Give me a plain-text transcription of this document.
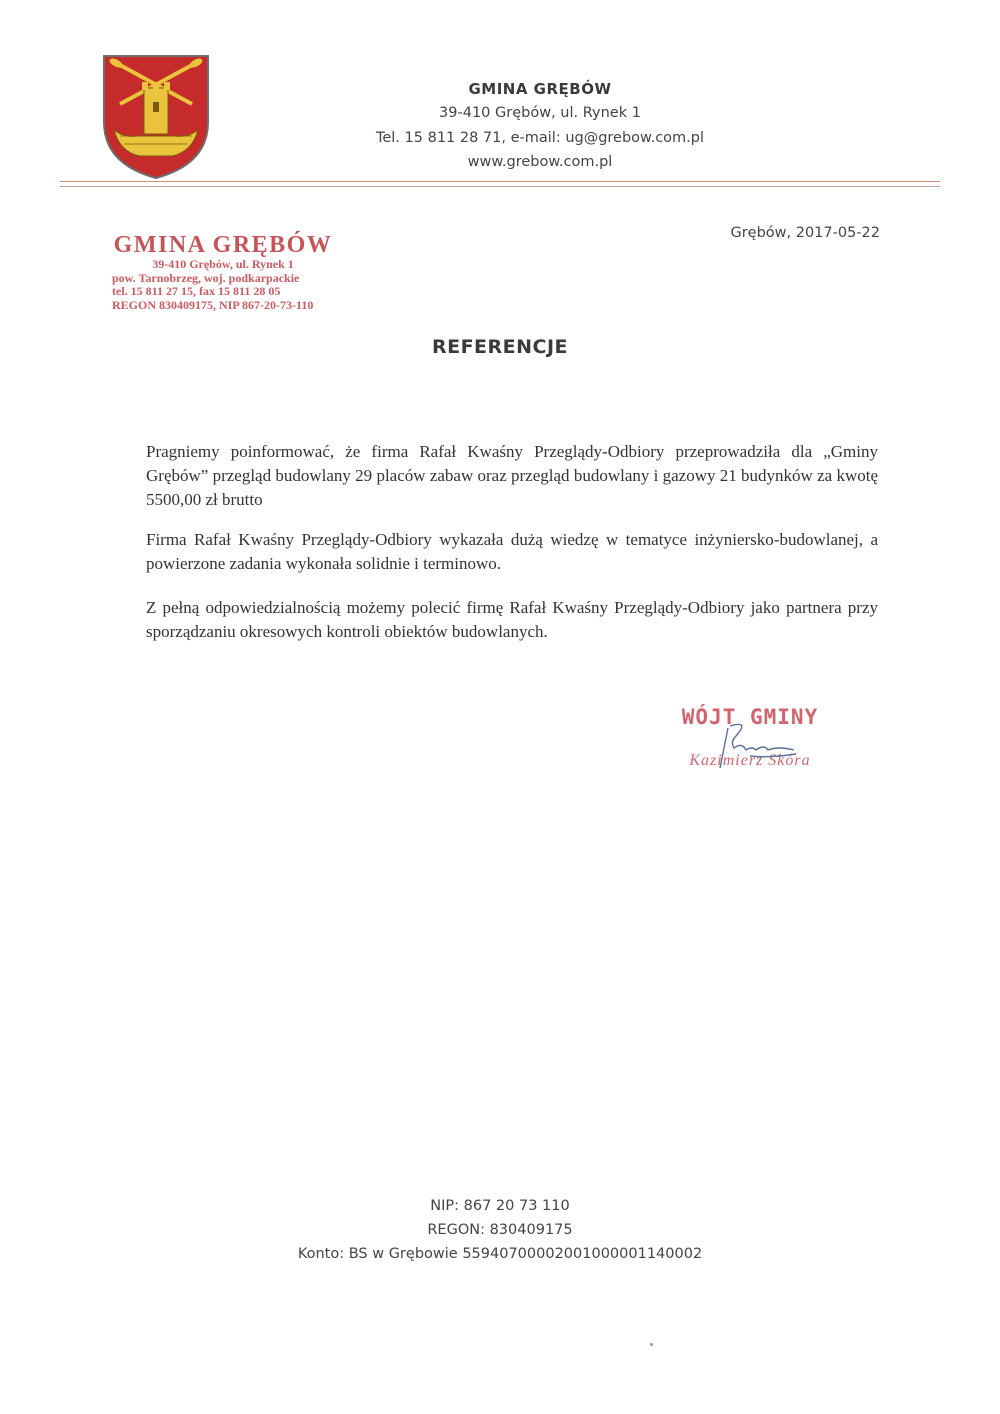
GMINA GRĘBÓW
39-410 Grębów, ul. Rynek 1
Tel. 15 811 28 71, e-mail: ug@grebow.com.pl
www.grebow.com.pl
Grębów, 2017-05-22
GMINA GRĘBÓW
39-410 Grębów, ul. Rynek 1
pow. Tarnobrzeg, woj. podkarpackie
tel. 15 811 27 15, fax 15 811 28 05
REGON 830409175, NIP 867-20-73-110
REFERENCJE
Pragniemy poinformować, że firma Rafał Kwaśny Przeglądy-Odbiory przeprowadziła dla „Gminy Grębów” przegląd budowlany 29 placów zabaw oraz przegląd budowlany i gazowy 21 budynków za kwotę 5500,00 zł brutto
Firma Rafał Kwaśny Przeglądy-Odbiory wykazała dużą wiedzę w tematyce inżyniersko-budowlanej, a powierzone zadania wykonała solidnie i terminowo.
Z pełną odpowiedzialnością możemy polecić firmę Rafał Kwaśny Przeglądy-Odbiory jako partnera przy sporządzaniu okresowych kontroli obiektów budowlanych.
WÓJT GMINY
Kazimierz Skóra
NIP: 867 20 73 110
REGON: 830409175
Konto: BS w Grębowie 55940700002001000001140002
